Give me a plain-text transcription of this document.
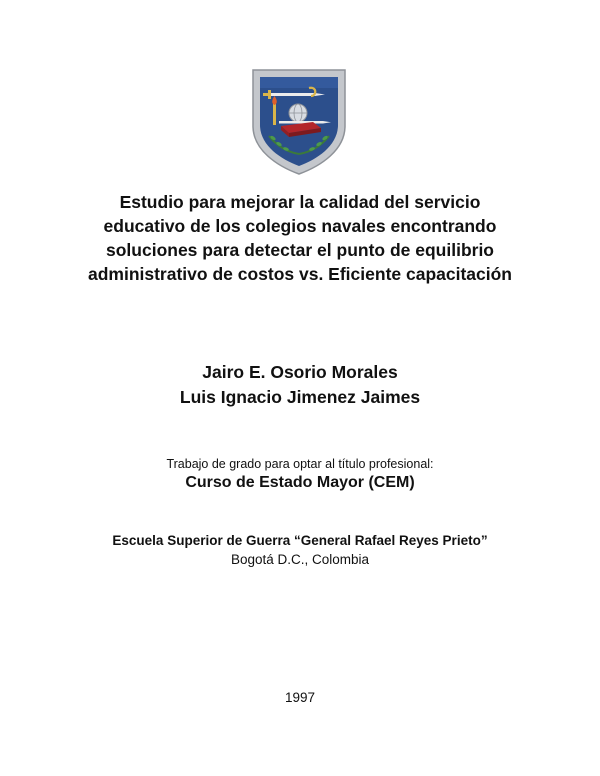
Estudio para mejorar la calidad del servicio
educativo de los colegios navales encontrando
soluciones para detectar el punto de equilibrio
administrativo de costos vs. Eficiente capacitación
Jairo E. Osorio Morales
Luis Ignacio Jimenez Jaimes
Trabajo de grado para optar al título profesional:
Curso de Estado Mayor (CEM)
Escuela Superior de Guerra “General Rafael Reyes Prieto”
Bogotá D.C., Colombia
1997
